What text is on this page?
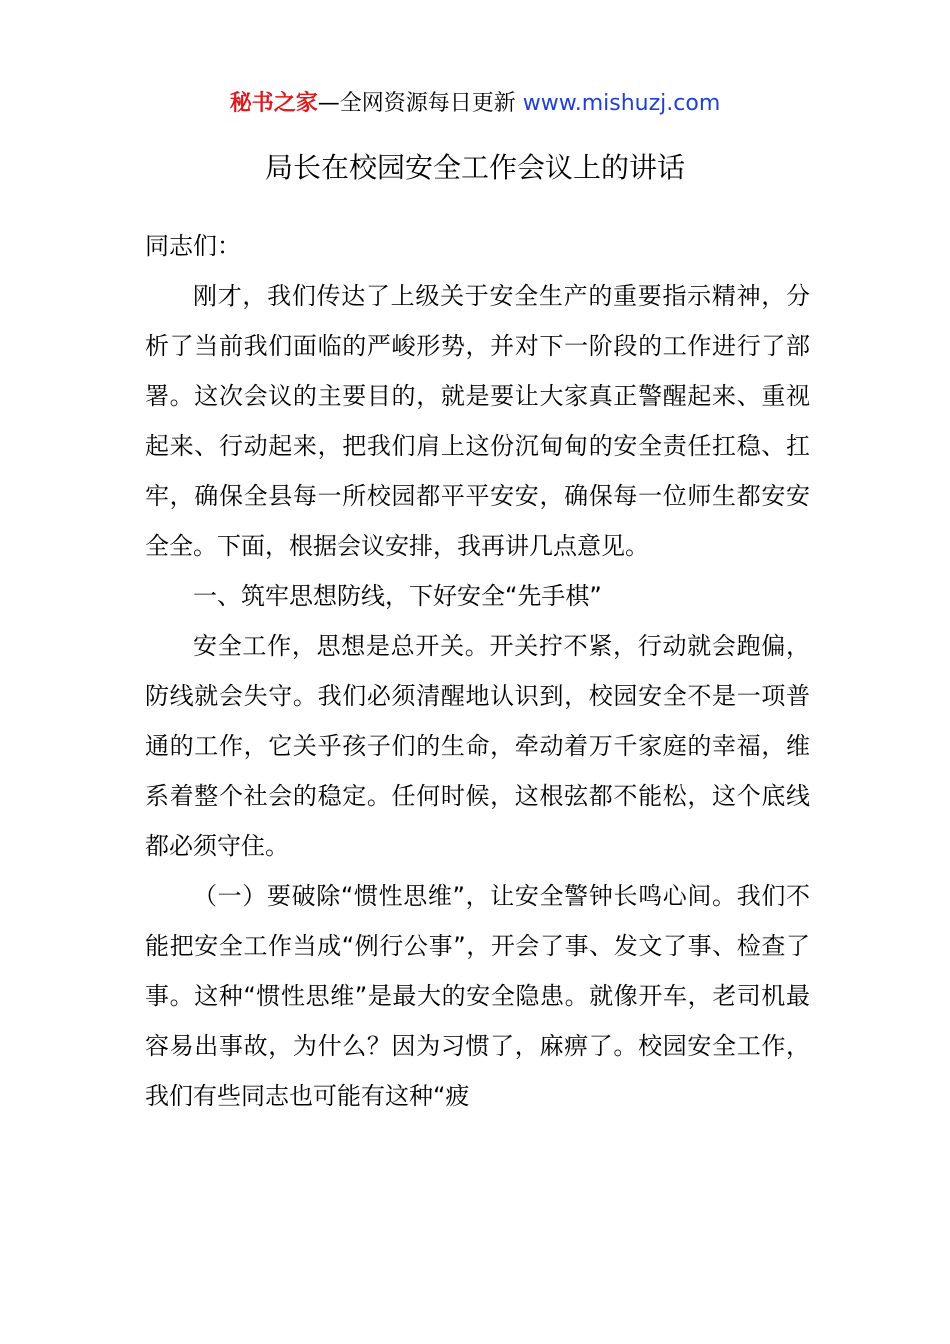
秘书之家—全网资源每日更新 www.mishuzj.com
局长在校园安全工作会议上的讲话

同志们：

刚才，我们传达了上级关于安全生产的重要指示精神，分析了当前我们面临的严峻形势，并对下一阶段的工作进行了部署。这次会议的主要目的，就是要让大家真正警醒起来、重视起来、行动起来，把我们肩上这份沉甸甸的安全责任扛稳、扛牢，确保全县每一所校园都平平安安，确保每一位师生都安安全全。下面，根据会议安排，我再讲几点意见。

一、筑牢思想防线，下好安全“先手棋”

安全工作，思想是总开关。开关拧不紧，行动就会跑偏，防线就会失守。我们必须清醒地认识到，校园安全不是一项普通的工作，它关乎孩子们的生命，牵动着万千家庭的幸福，维系着整个社会的稳定。任何时候，这根弦都不能松，这个底线都必须守住。

（一）要破除“惯性思维”，让安全警钟长鸣心间。我们不能把安全工作当成“例行公事”，开会了事、发文了事、检查了事。这种“惯性思维”是最大的安全隐患。就像开车，老司机最容易出事故，为什么？因为习惯了，麻痹了。校园安全工作，我们有些同志也可能有这种“疲
